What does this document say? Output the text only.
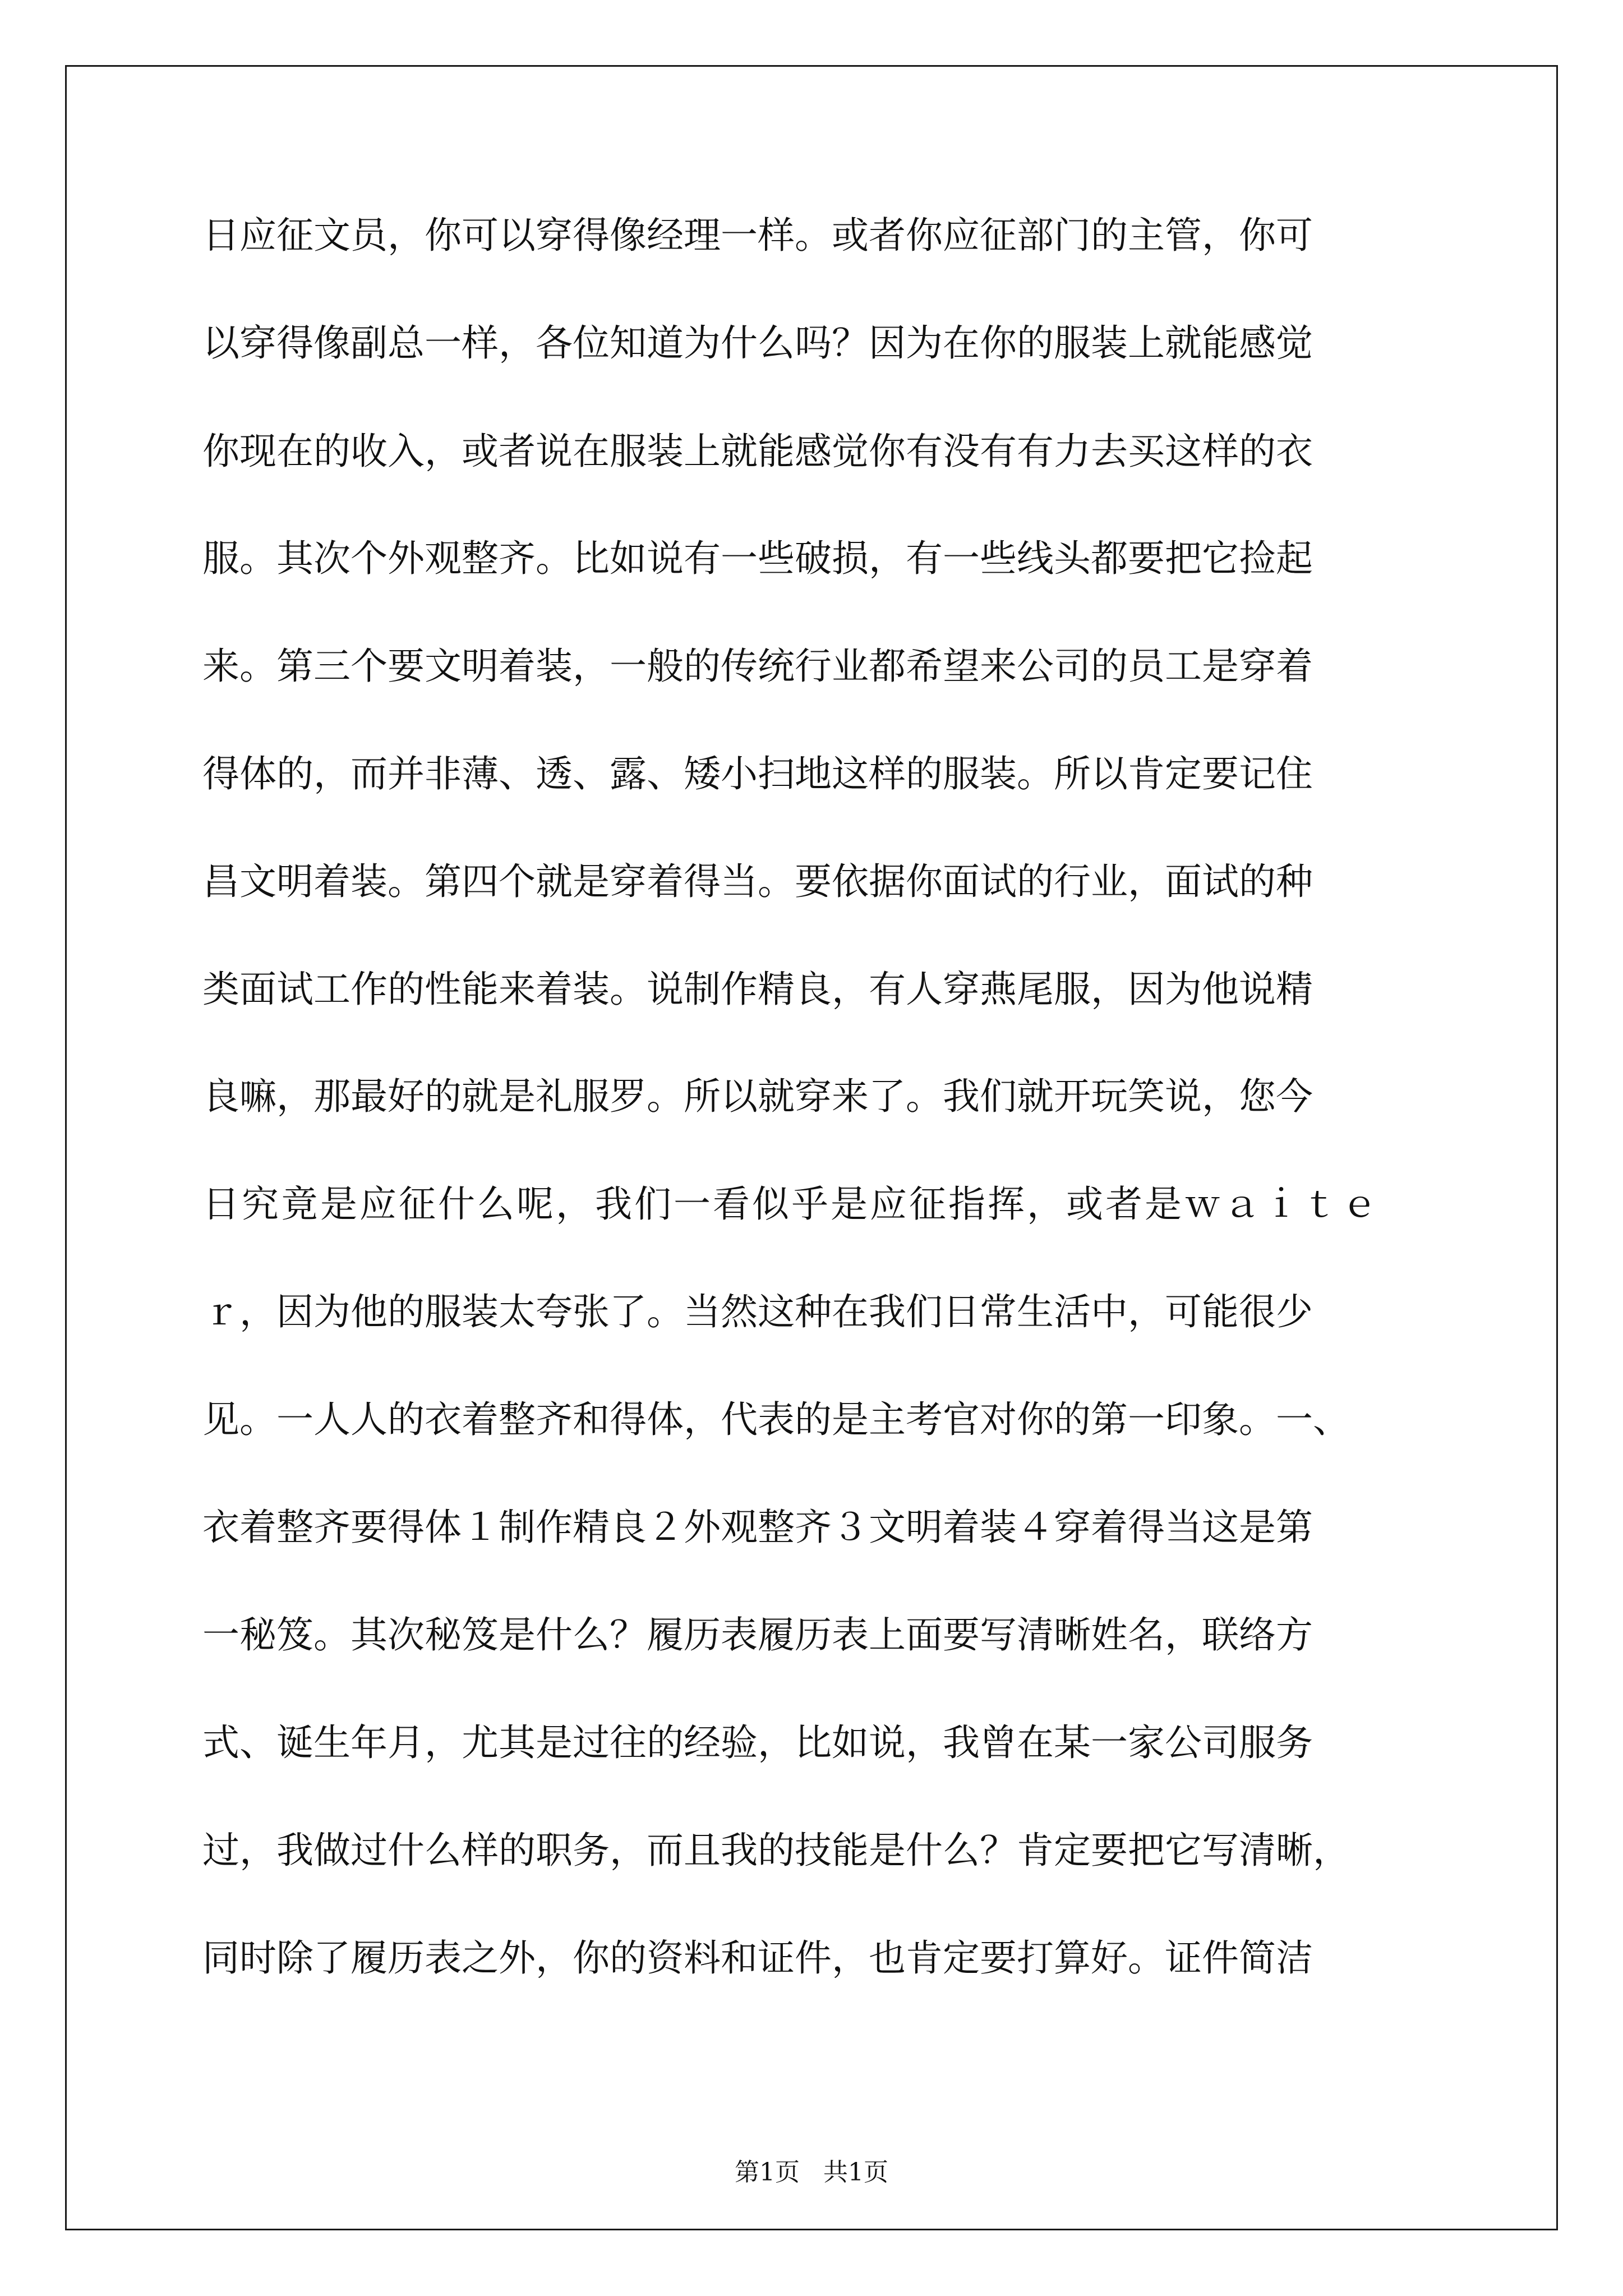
日应征文员，你可以穿得像经理一样。或者你应征部门的主管，你可

以穿得像副总一样，各位知道为什么吗？因为在你的服装上就能感觉

你现在的收入，或者说在服装上就能感觉你有没有有力去买这样的衣

服。其次个外观整齐。比如说有一些破损，有一些线头都要把它捡起

来。第三个要文明着装，一般的传统行业都希望来公司的员工是穿着

得体的，而并非薄、透、露、矮小扫地这样的服装。所以肯定要记住

昌文明着装。第四个就是穿着得当。要依据你面试的行业，面试的种

类面试工作的性能来着装。说制作精良，有人穿燕尾服，因为他说精

良嘛，那最好的就是礼服罗。所以就穿来了。我们就开玩笑说，您今

日究竟是应征什么呢，我们一看似乎是应征指挥，或者是ｗａｉｔｅ

ｒ，因为他的服装太夸张了。当然这种在我们日常生活中，可能很少

见。一人人的衣着整齐和得体，代表的是主考官对你的第一印象。一、

衣着整齐要得体１制作精良２外观整齐３文明着装４穿着得当这是第

一秘笈。其次秘笈是什么？履历表履历表上面要写清晰姓名，联络方

式、诞生年月，尤其是过往的经验，比如说，我曾在某一家公司服务

过，我做过什么样的职务，而且我的技能是什么？肯定要把它写清晰，

同时除了履历表之外，你的资料和证件，也肯定要打算好。证件简洁

第1页   共1页
